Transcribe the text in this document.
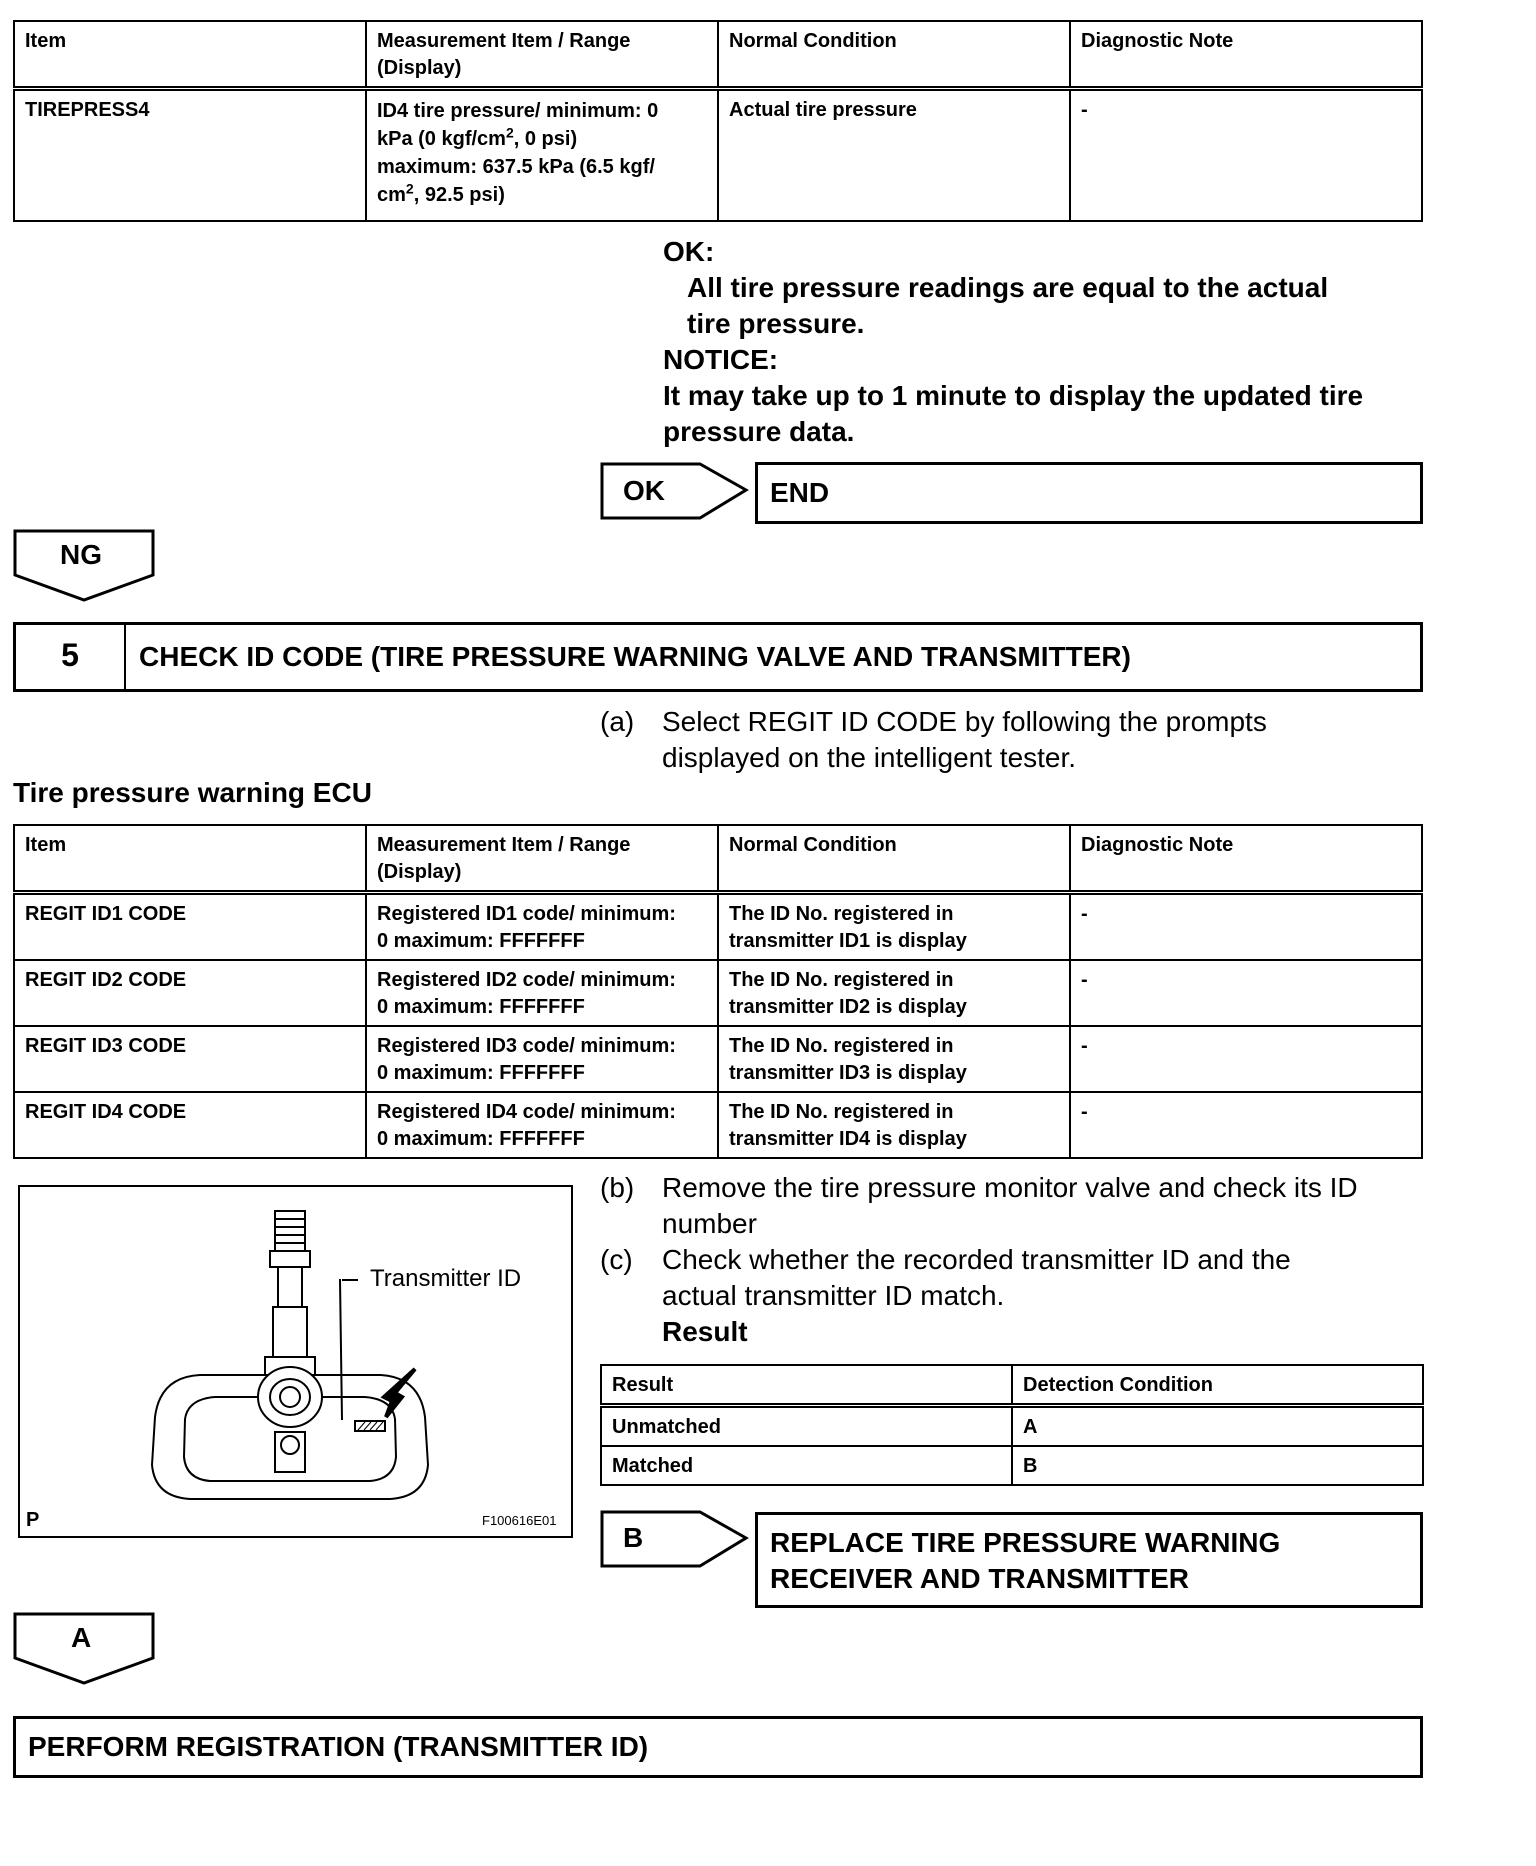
Item	Measurement Item / Range (Display)	Normal Condition	Diagnostic Note
TIREPRESS4	ID4 tire pressure/ minimum: 0
kPa (0 kgf/$cm^2$, 0 psi)
maximum: 637.5 kPa (6.5 kgf/
$cm^2$, 92.5 psi)	Actual tire pressure	-
OK:
All tire pressure readings are equal to the actual
tire pressure.
NOTICE:
It may take up to 1 minute to display the updated tire
pressure data.
OK	END
NG
5	CHECK ID CODE (TIRE PRESSURE WARNING VALVE AND TRANSMITTER)
(a) Select REGIT ID CODE by following the prompts
displayed on the intelligent tester.
Tire pressure warning ECU
Item	Measurement Item / Range (Display)	Normal Condition	Diagnostic Note
REGIT ID1 CODE	Registered ID1 code/ minimum:
0 maximum: FFFFFFF	The ID No. registered in
transmitter ID1 is display	-
REGIT ID2 CODE	Registered ID2 code/ minimum:
0 maximum: FFFFFFF	The ID No. registered in
transmitter ID2 is display	-
REGIT ID3 CODE	Registered ID3 code/ minimum:
0 maximum: FFFFFFF	The ID No. registered in
transmitter ID3 is display	-
REGIT ID4 CODE	Registered ID4 code/ minimum:
0 maximum: FFFFFFF	The ID No. registered in
transmitter ID4 is display	-
Transmitter ID
P	F100616E01
(b) Remove the tire pressure monitor valve and check its ID
number
(c) Check whether the recorded transmitter ID and the
actual transmitter ID match.
Result
Result	Detection Condition
Unmatched	A
Matched	B
B	REPLACE TIRE PRESSURE WARNING
RECEIVER AND TRANSMITTER
A
PERFORM REGISTRATION (TRANSMITTER ID)
